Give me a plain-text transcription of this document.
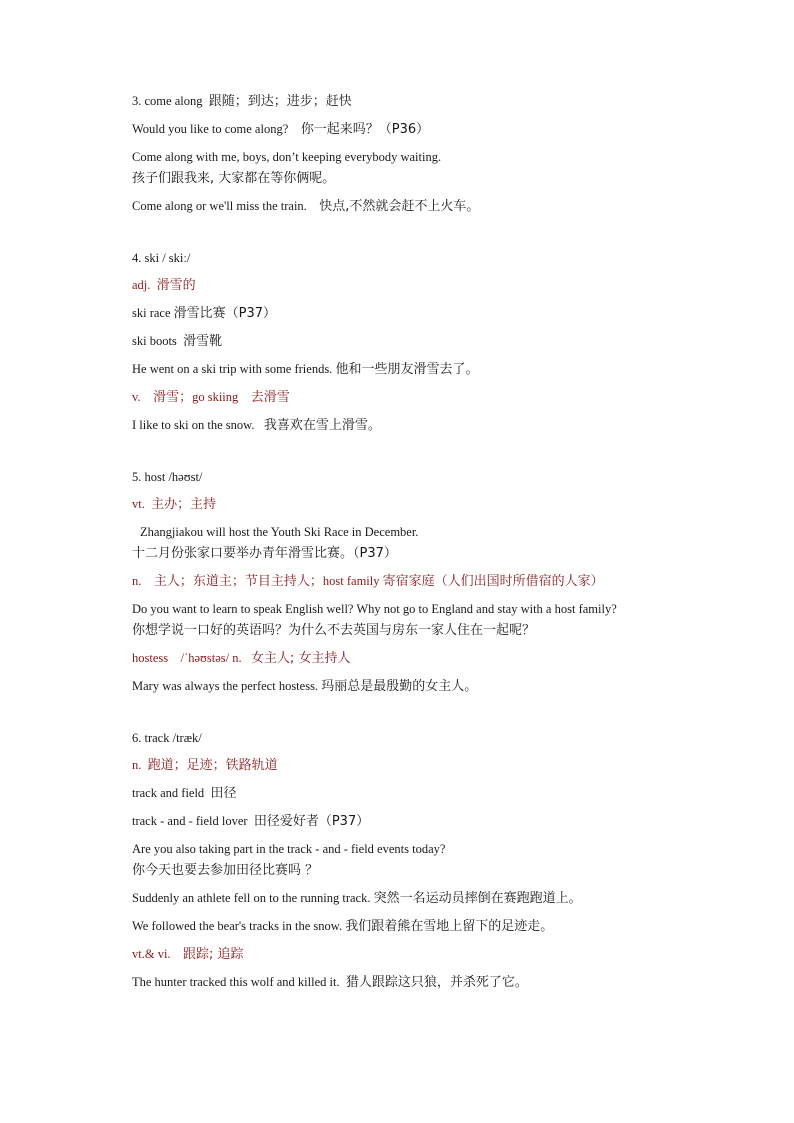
3. come along 跟随；到达；进步；赶快

Would you like to come along? 你一起来吗？（P36）

Come along with me, boys, don’t keeping everybody waiting.

孩子们跟我来, 大家都在等你俩呢。

Come along or we'll miss the train. 快点,不然就会赶不上火车。

4. ski / skiː/

adj. 滑雪的

ski race 滑雪比赛（P37）

ski boots 滑雪靴

He went on a ski trip with some friends. 他和一些朋友滑雪去了。

v. 滑雪；go skiing 去滑雪

I like to ski on the snow. 我喜欢在雪上滑雪。

5. host /həʊst/

vt. 主办；主持

Zhangjiakou will host the Youth Ski Race in December.

十二月份张家口要举办青年滑雪比赛。（P37）

n. 主人；东道主；节目主持人；host family 寄宿家庭（人们出国时所借宿的人家）

Do you want to learn to speak English well? Why not go to England and stay with a host family?

你想学说一口好的英语吗？为什么不去英国与房东一家人住在一起呢？

hostess /ˈhəʊstəs/ n. 女主人; 女主持人

Mary was always the perfect hostess. 玛丽总是最殷勤的女主人。

6. track /træk/

n. 跑道；足迹；铁路轨道

track and field 田径

track - and - field lover 田径爱好者（P37）

Are you also taking part in the track - and - field events today?

你今天也要去参加田径比赛吗 ？

Suddenly an athlete fell on to the running track. 突然一名运动员摔倒在赛跑跑道上。

We followed the bear's tracks in the snow. 我们跟着熊在雪地上留下的足迹走。

vt.& vi. 跟踪; 追踪

The hunter tracked this wolf and killed it. 猎人跟踪这只狼，并杀死了它。
